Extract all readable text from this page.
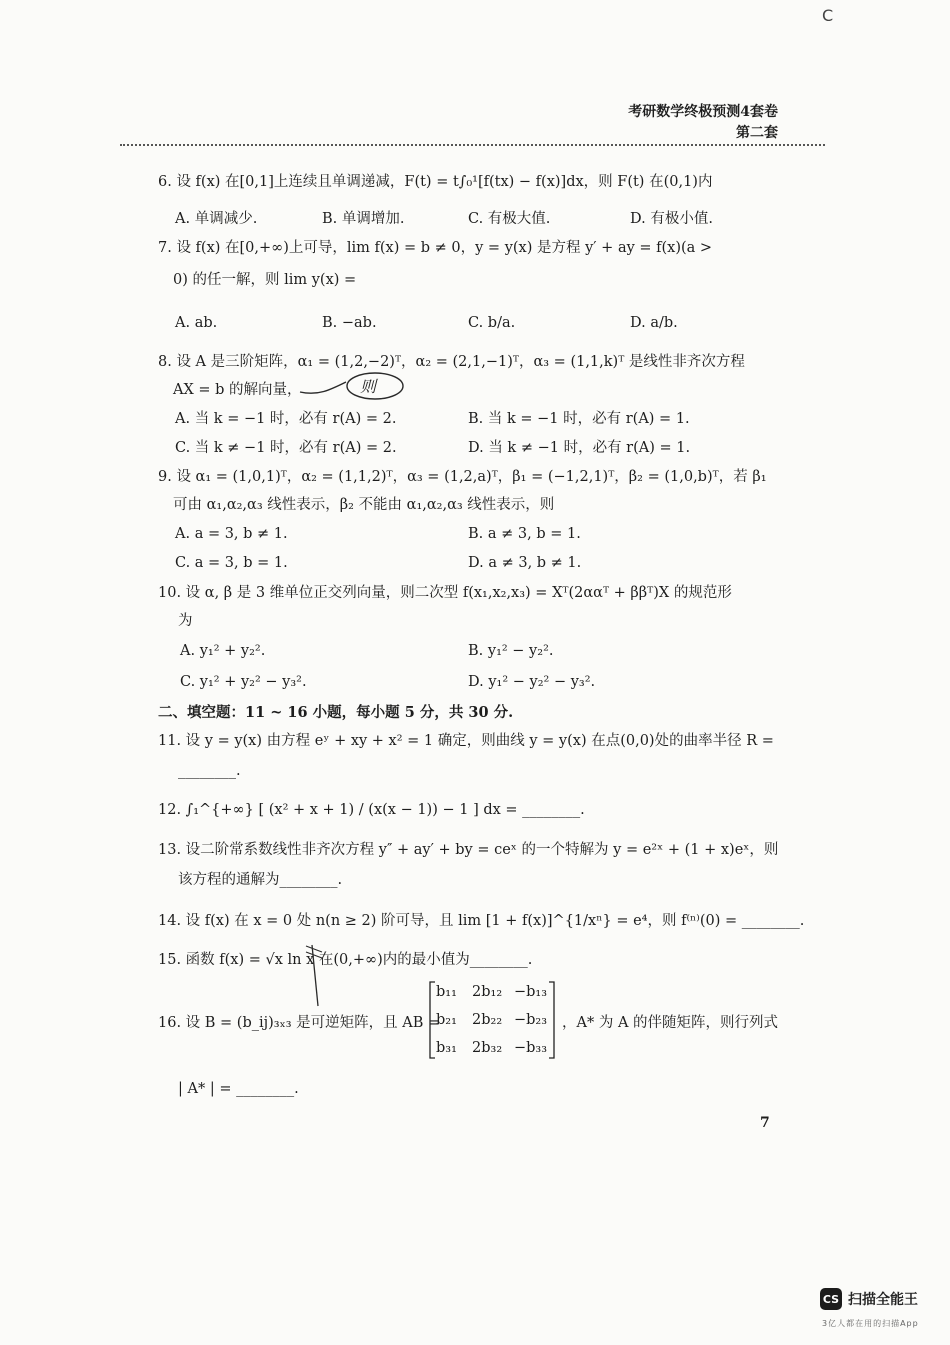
C
考研数学终极预测4套卷
第二套
6. 设 f(x) 在[0,1]上连续且单调递减，F(t) = t∫₀¹[f(tx) − f(x)]dx，则 F(t) 在(0,1)内
A. 单调减少.	B. 单调增加.	C. 有极大值.	D. 有极小值.
7. 设 f(x) 在[0,+∞)上可导，lim f(x) = b ≠ 0，y = y(x) 是方程 y′ + ay = f(x)(a >
0) 的任一解，则 lim y(x) =
A. ab.	B. −ab.	C. b/a.	D. a/b.
8. 设 A 是三阶矩阵，α₁ = (1,2,−2)ᵀ，α₂ = (2,1,−1)ᵀ，α₃ = (1,1,k)ᵀ 是线性非齐次方程
AX = b 的解向量，
A. 当 k = −1 时，必有 r(A) = 2.	B. 当 k = −1 时，必有 r(A) = 1.
C. 当 k ≠ −1 时，必有 r(A) = 2.	D. 当 k ≠ −1 时，必有 r(A) = 1.
9. 设 α₁ = (1,0,1)ᵀ，α₂ = (1,1,2)ᵀ，α₃ = (1,2,a)ᵀ，β₁ = (−1,2,1)ᵀ，β₂ = (1,0,b)ᵀ，若 β₁
可由 α₁,α₂,α₃ 线性表示，β₂ 不能由 α₁,α₂,α₃ 线性表示，则
A. a = 3, b ≠ 1.	B. a ≠ 3, b = 1.
C. a = 3, b = 1.	D. a ≠ 3, b ≠ 1.
10. 设 α, β 是 3 维单位正交列向量，则二次型 f(x₁,x₂,x₃) = Xᵀ(2ααᵀ + ββᵀ)X 的规范形
为
A. y₁² + y₂².	B. y₁² − y₂².
C. y₁² + y₂² − y₃².	D. y₁² − y₂² − y₃².
二、填空题：11 ~ 16 小题，每小题 5 分，共 30 分.
11. 设 y = y(x) 由方程 eʸ + xy + x² = 1 确定，则曲线 y = y(x) 在点(0,0)处的曲率半径 R =
________.
12. ∫₁^{+∞} [ (x² + x + 1) / (x(x − 1)) − 1 ] dx = ________.
13. 设二阶常系数线性非齐次方程 y″ + ay′ + by = ceˣ 的一个特解为 y = e²ˣ + (1 + x)eˣ，则
该方程的通解为________.
14. 设 f(x) 在 x = 0 处 n(n ≥ 2) 阶可导，且 lim [1 + f(x)]^{1/xⁿ} = e⁴，则 f⁽ⁿ⁾(0) = ________.
15. 函数 f(x) = √x ln x 在(0,+∞)内的最小值为________.
16. 设 B = (b_ij)₃ₓ₃ 是可逆矩阵，且 AB =
b₁₁	2b₁₂ −b₁₃
b₂₁	2b₂₂ −b₂₃
b₃₁	2b₃₂ −b₃₃
，A* 为 A 的伴随矩阵，则行列式
| A* | = ________.
则
7
CS 扫描全能王
3亿人都在用的扫描App
